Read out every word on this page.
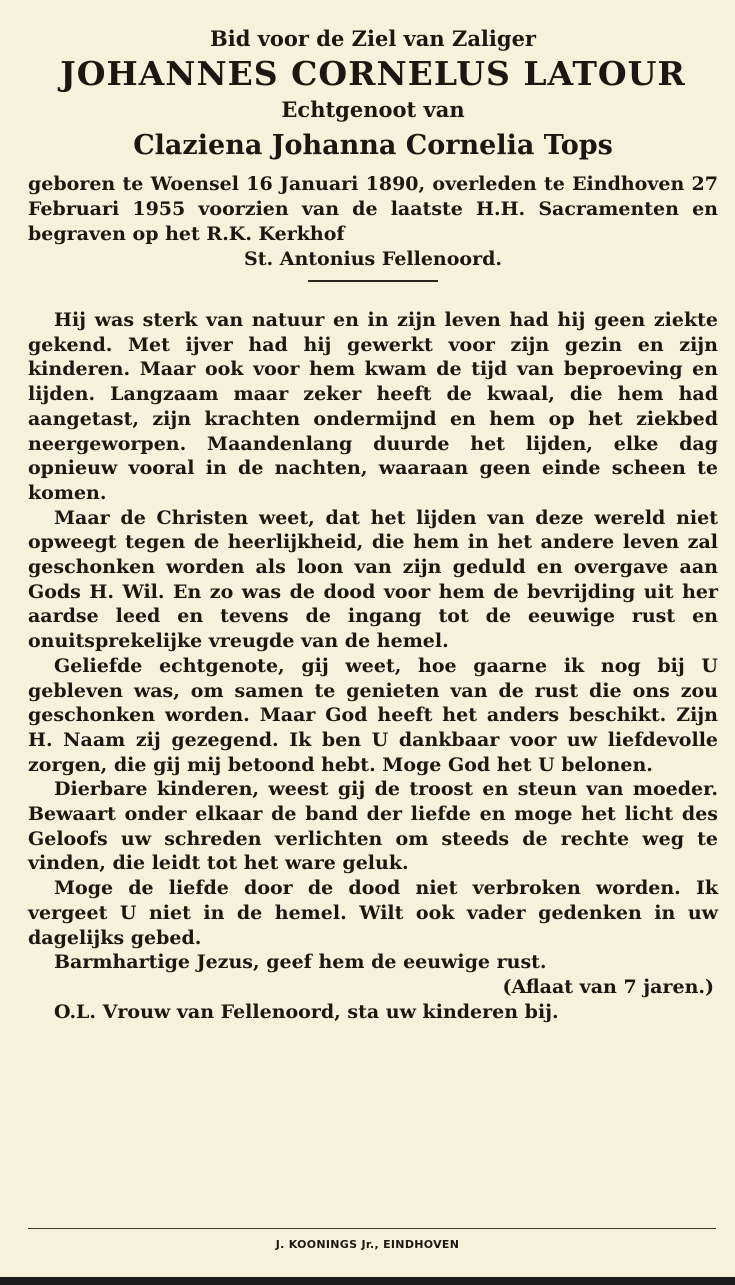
Bid voor de Ziel van Zaliger
JOHANNES CORNELUS LATOUR
Echtgenoot van
Claziena Johanna Cornelia Tops
geboren te Woensel 16 Januari 1890, overleden te Eindhoven 27 Februari 1955 voorzien van de laatste H.H. Sacramenten en begraven op het R.K. Kerkhof
St. Antonius Fellenoord.

Hij was sterk van natuur en in zijn leven had hij geen ziekte gekend. Met ijver had hij gewerkt voor zijn gezin en zijn kinderen. Maar ook voor hem kwam de tijd van beproeving en lijden. Langzaam maar zeker heeft de kwaal, die hem had aangetast, zijn krachten ondermijnd en hem op het ziekbed neergeworpen. Maandenlang duurde het lijden, elke dag opnieuw vooral in de nachten, waaraan geen einde scheen te komen.

Maar de Christen weet, dat het lijden van deze wereld niet opweegt tegen de heerlijkheid, die hem in het andere leven zal geschonken worden als loon van zijn geduld en overgave aan Gods H. Wil. En zo was de dood voor hem de bevrijding uit her aardse leed en tevens de ingang tot de eeuwige rust en onuitsprekelijke vreugde van de hemel.

Geliefde echtgenote, gij weet, hoe gaarne ik nog bij U gebleven was, om samen te genieten van de rust die ons zou geschonken worden. Maar God heeft het anders beschikt. Zijn H. Naam zij gezegend. Ik ben U dankbaar voor uw liefdevolle zorgen, die gij mij betoond hebt. Moge God het U belonen.

Dierbare kinderen, weest gij de troost en steun van moeder. Bewaart onder elkaar de band der liefde en moge het licht des Geloofs uw schreden verlichten om steeds de rechte weg te vinden, die leidt tot het ware geluk.

Moge de liefde door de dood niet verbroken worden. Ik vergeet U niet in de hemel. Wilt ook vader gedenken in uw dagelijks gebed.

Barmhartige Jezus, geef hem de eeuwige rust.

(Aflaat van 7 jaren.)

O.L. Vrouw van Fellenoord, sta uw kinderen bij.

J. KOONINGS Jr., EINDHOVEN
